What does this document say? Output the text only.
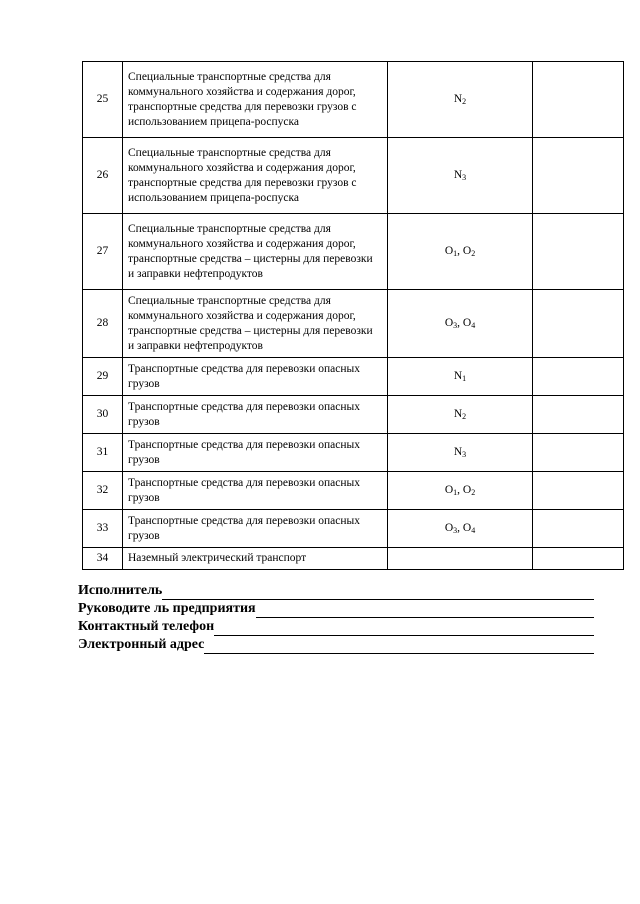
25	Специальные транспортные средства для коммунального хозяйства и содержания дорог, транспортные средства для перевозки грузов с использованием прицепа-роспуска	$N_2$	
26	Специальные транспортные средства для коммунального хозяйства и содержания дорог, транспортные средства для перевозки грузов с использованием прицепа-роспуска	$N_3$	
27	Специальные транспортные средства для коммунального хозяйства и содержания дорог, транспортные средства – цистерны для перевозки и заправки нефтепродуктов	$O_1$, $O_2$	
28	Специальные транспортные средства для коммунального хозяйства и содержания дорог, транспортные средства – цистерны для перевозки и заправки нефтепродуктов	$O_3$, $O_4$	
29	Транспортные средства для перевозки опасных грузов	$N_1$	
30	Транспортные средства для перевозки опасных грузов	$N_2$	
31	Транспортные средства для перевозки опасных грузов	$N_3$	
32	Транспортные средства для перевозки опасных грузов	$O_1$, $O_2$	
33	Транспортные средства для перевозки опасных грузов	$O_3$, $O_4$	
34	Наземный электрический транспорт		
Исполнитель
Руководите ль предприятия
Контактный телефон
Электронный адрес
